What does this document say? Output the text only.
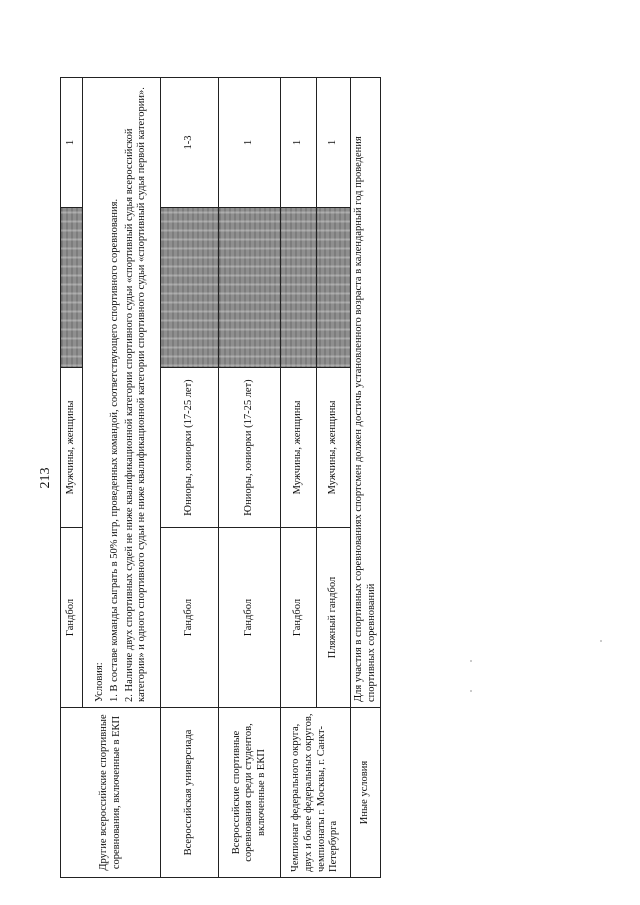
213
Другие всероссийские спортивные соревнования, включенные в ЕКП	Гандбол	Мужчины, женщины		1

	Условия: 1. В составе команды сыграть в 50% игр, проведенных командой, соответствующего спортивного соревнования. 2. Наличие двух спортивных судей не ниже квалификационной категории спортивного судьи «спортивный судья всероссийской категории» и одного спортивного судьи не ниже квалификационной категории спортивного судьи «спортивный судья первой категории».			

Всероссийская универсиада	Гандбол	Юниоры, юниорки (17-25 лет)		1-3
Всероссийские спортивные соревнования среди студентов, включенные в ЕКП	Гандбол	Юниоры, юниорки (17-25 лет)		1
Чемпионат федерального округа, двух и более федеральных округов, чемпионаты г. Москвы, г. Санкт-Петербурга	Гандбол	Мужчины, женщины		1
	Пляжный гандбол	Мужчины, женщины		1
Иные условия	Для участия в спортивных соревнованиях спортсмен должен достичь установленного возраста в календарный год проведения спортивных соревнований			
